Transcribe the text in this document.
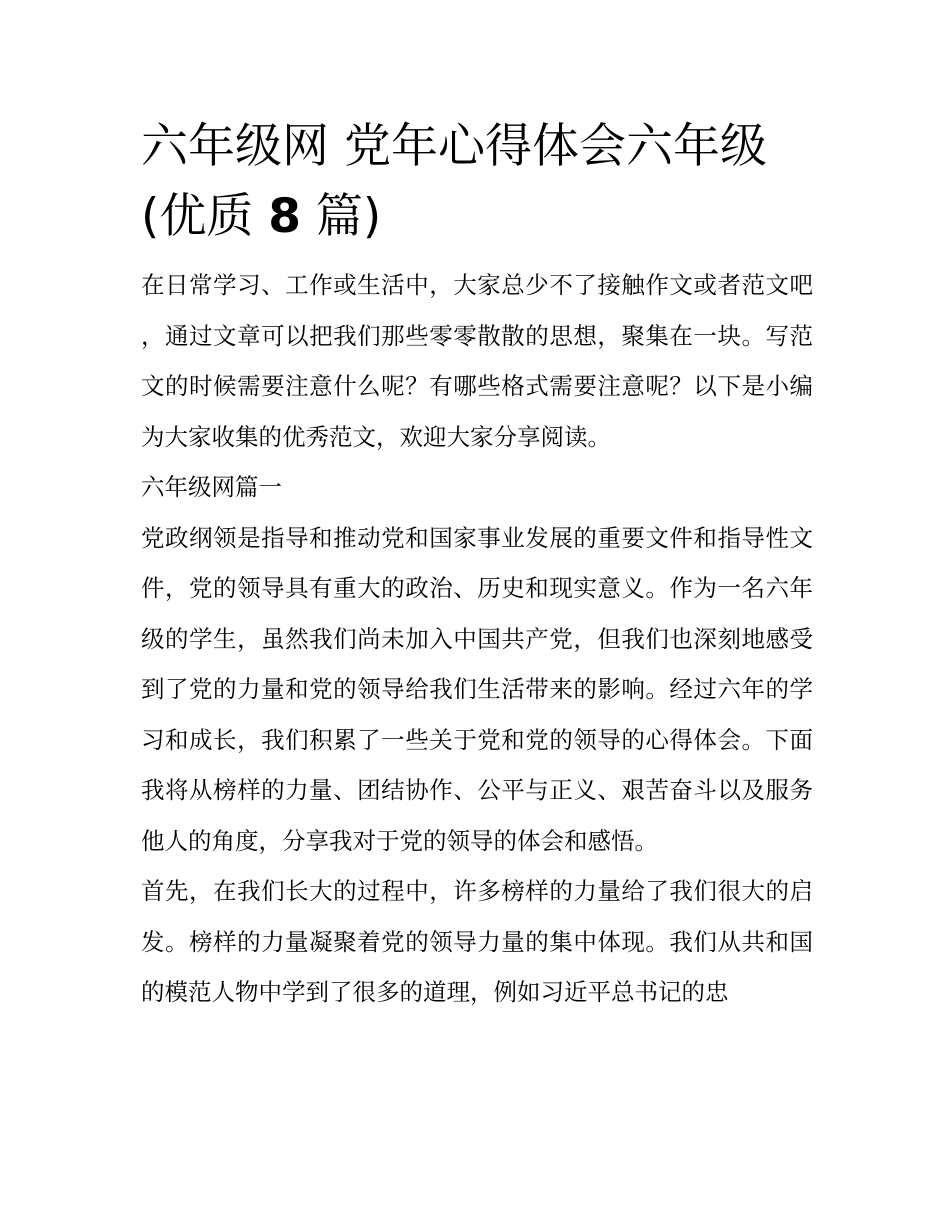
六年级网 党年心得体会六年级
(优质 8 篇)

在日常学习、工作或生活中，大家总少不了接触作文或者范文吧，通过文章可以把我们那些零零散散的思想，聚集在一块。写范文的时候需要注意什么呢？有哪些格式需要注意呢？以下是小编为大家收集的优秀范文，欢迎大家分享阅读。

六年级网篇一

党政纲领是指导和推动党和国家事业发展的重要文件和指导性文件，党的领导具有重大的政治、历史和现实意义。作为一名六年级的学生，虽然我们尚未加入中国共产党，但我们也深刻地感受到了党的力量和党的领导给我们生活带来的影响。经过六年的学习和成长，我们积累了一些关于党和党的领导的心得体会。下面我将从榜样的力量、团结协作、公平与正义、艰苦奋斗以及服务他人的角度，分享我对于党的领导的体会和感悟。

首先，在我们长大的过程中，许多榜样的力量给了我们很大的启发。榜样的力量凝聚着党的领导力量的集中体现。我们从共和国的模范人物中学到了很多的道理，例如习近平总书记的忠
